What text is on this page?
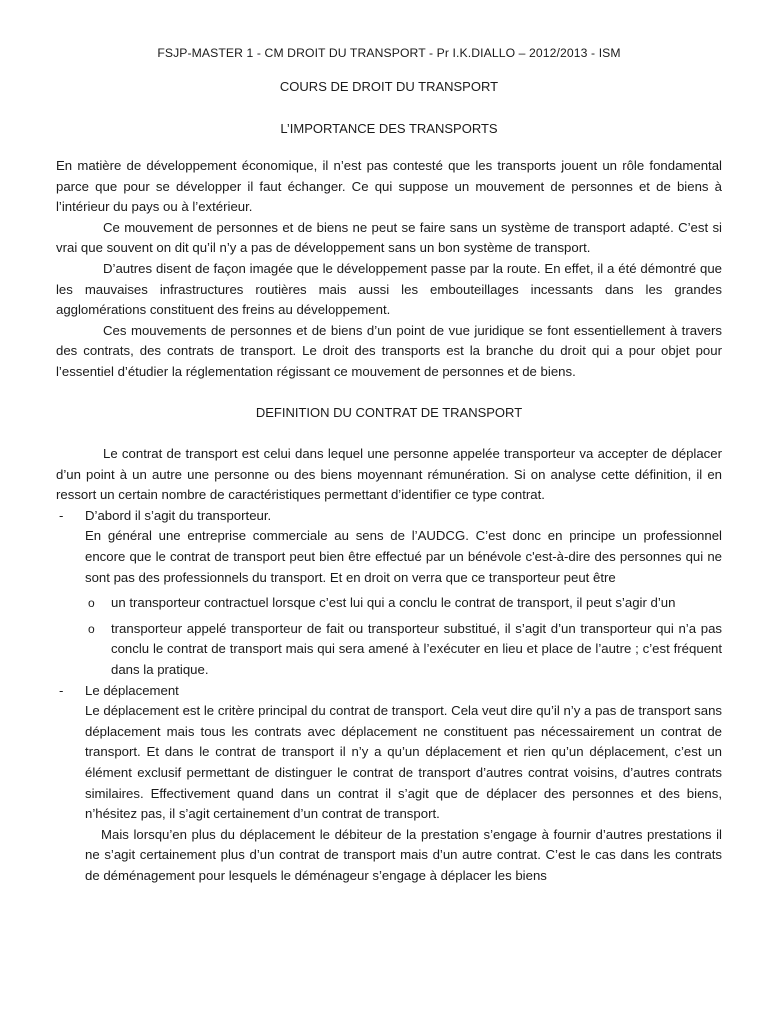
FSJP-MASTER 1 - CM DROIT DU TRANSPORT - Pr I.K.DIALLO – 2012/2013 - ISM
COURS DE DROIT DU TRANSPORT
L’IMPORTANCE DES TRANSPORTS

En matière de développement économique, il n’est pas contesté que les transports jouent un rôle fondamental parce que pour se développer il faut échanger. Ce qui suppose un mouvement de personnes et de biens à l’intérieur du pays ou à l’extérieur.

Ce mouvement de personnes et de biens ne peut se faire sans un système de transport adapté. C’est si vrai que souvent on dit qu’il n’y a pas de développement sans un bon système de transport.

D’autres disent de façon imagée que le développement passe par la route. En effet, il a été démontré que les mauvaises infrastructures routières mais aussi les embouteillages incessants dans les grandes agglomérations constituent des freins au développement.

Ces mouvements de personnes et de biens d’un point de vue juridique se font essentiellement à travers des contrats, des contrats de transport. Le droit des transports est la branche du droit qui a pour objet pour l’essentiel d’étudier la réglementation régissant ce mouvement de personnes et de biens.

DEFINITION DU CONTRAT DE TRANSPORT

Le contrat de transport est celui dans lequel une personne appelée transporteur va accepter de déplacer d’un point à un autre une personne ou des biens moyennant rémunération. Si on analyse cette définition, il en ressort un certain nombre de caractéristiques permettant d’identifier ce type contrat.

- D’abord il s’agit du transporteur.

En général une entreprise commerciale au sens de l’AUDCG. C’est donc en principe un professionnel encore que le contrat de transport peut bien être effectué par un bénévole c'est-à-dire des personnes qui ne sont pas des professionnels du transport. Et en droit on verra que ce transporteur peut être

o un transporteur contractuel lorsque c’est lui qui a conclu le contrat de transport, il peut s’agir d’un
o transporteur appelé transporteur de fait ou transporteur substitué, il s’agit d’un transporteur qui n’a pas conclu le contrat de transport mais qui sera amené à l’exécuter en lieu et place de l’autre ; c’est fréquent dans la pratique.
- Le déplacement

Le déplacement est le critère principal du contrat de transport. Cela veut dire qu’il n’y a pas de transport sans déplacement mais tous les contrats avec déplacement ne constituent pas nécessairement un contrat de transport. Et dans le contrat de transport il n’y a qu’un déplacement et rien qu’un déplacement, c’est un élément exclusif permettant de distinguer le contrat de transport d’autres contrat voisins, d’autres contrats similaires. Effectivement quand dans un contrat il s’agit que de déplacer des personnes et des biens, n’hésitez pas, il s’agit certainement d’un contrat de transport.

Mais lorsqu’en plus du déplacement le débiteur de la prestation s’engage à fournir d’autres prestations il ne s’agit certainement plus d’un contrat de transport mais d’un autre contrat. C’est le cas dans les contrats de déménagement pour lesquels le déménageur s’engage à déplacer les biens
